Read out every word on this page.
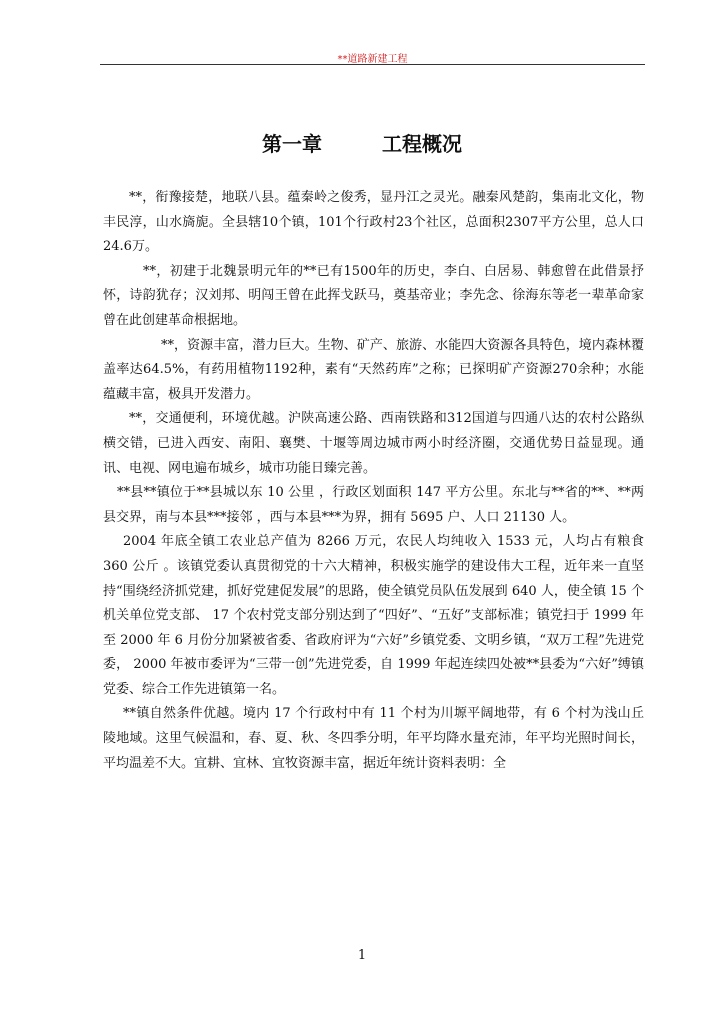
**道路新建工程
第一章	工程概况

**，衔豫接楚，地联八县。蕴秦岭之俊秀，显丹江之灵光。融秦风楚韵，集南北文化，物丰民淳，山水旖旎。全县辖10个镇，101个行政村23个社区，总面积2307平方公里，总人口24.6万。

**，初建于北魏景明元年的**已有1500年的历史，李白、白居易、韩愈曾在此借景抒怀，诗韵犹存；汉刘邦、明闯王曾在此挥戈跃马，奠基帝业；李先念、徐海东等老一辈革命家曾在此创建革命根据地。

**，资源丰富，潜力巨大。生物、矿产、旅游、水能四大资源各具特色，境内森林覆盖率达64.5%，有药用植物1192种，素有“天然药库”之称；已探明矿产资源270余种；水能蕴藏丰富，极具开发潜力。

**，交通便利，环境优越。沪陕高速公路、西南铁路和312国道与四通八达的农村公路纵横交错，已进入西安、南阳、襄樊、十堰等周边城市两小时经济圈，交通优势日益显现。通讯、电视、网电遍布城乡，城市功能日臻完善。

**县**镇位于**县城以东 10 公里 ，行政区划面积 147 平方公里。东北与**省的**、**两县交界，南与本县***接邻 ，西与本县***为界，拥有 5695 户、人口 21130 人。

2004 年底全镇工农业总产值为 8266 万元，农民人均纯收入 1533 元，人均占有粮食 360 公斤 。该镇党委认真贯彻党的十六大精神，积极实施学的建设伟大工程，近年来一直坚持“围绕经济抓党建，抓好党建促发展”的思路，使全镇党员队伍发展到 640 人，使全镇 15 个机关单位党支部、 17 个农村党支部分别达到了“四好”、“五好”支部标准；镇党扫于 1999 年至 2000 年 6 月份分加紧被省委、省政府评为“六好”乡镇党委、文明乡镇，“双万工程”先进党委， 2000 年被市委评为“三带一创”先进党委，自 1999 年起连续四处被**县委为“六好”缚镇党委、综合工作先进镇第一名。

**镇自然条件优越。境内 17 个行政村中有 11 个村为川塬平阔地带，有 6 个村为浅山丘陵地域。这里气候温和，春、夏、秋、冬四季分明，年平均降水量充沛，年平均光照时间长，平均温差不大。宜耕、宜林、宜牧资源丰富，据近年统计资料表明：全

1
